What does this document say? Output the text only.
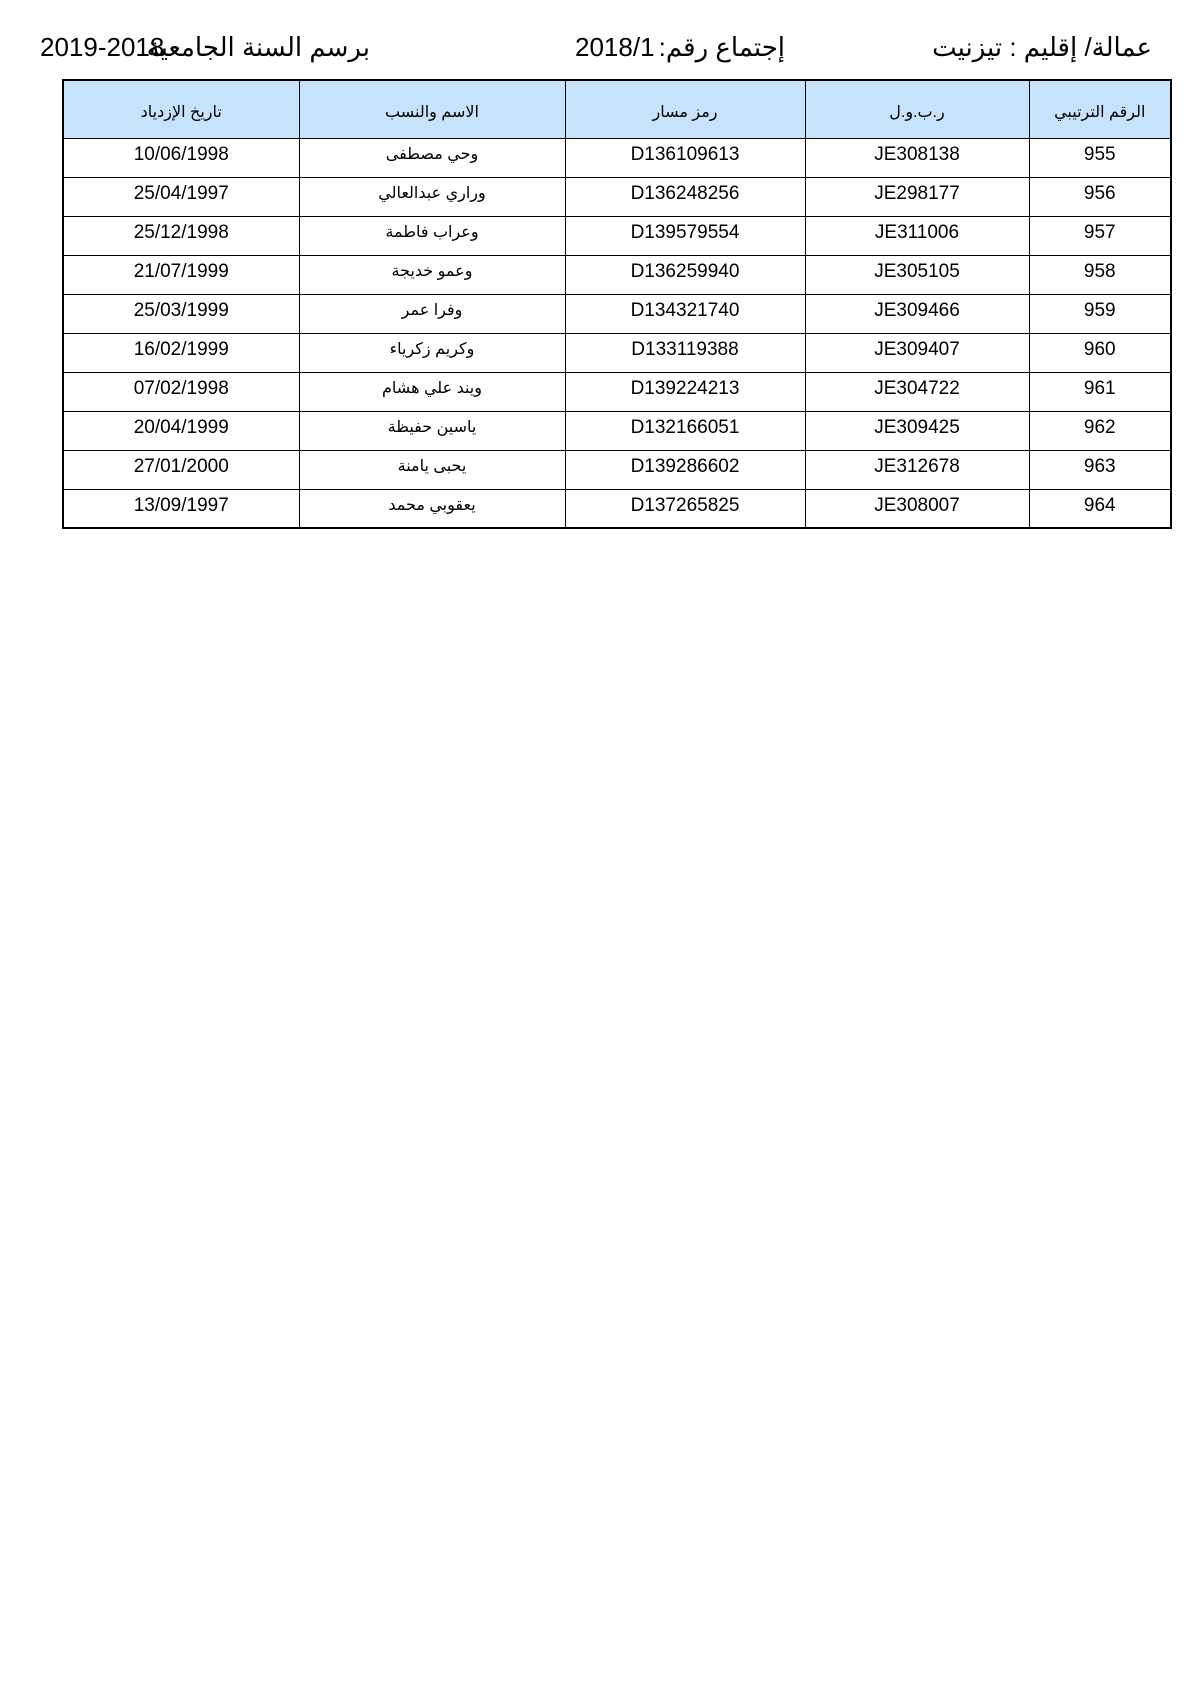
عمالة/ إقليم : تيزنيت
2018/1 إجتماع رقم:
2019-2018
برسم السنة الجامعية
الرقم الترتيبي	ر.ب.و.ل	رمز مسار	الاسم والنسب	تاريخ الإزدياد
955	JE308138	D136109613	وحي مصطفى	10/06/1998
956	JE298177	D136248256	وراري عبدالعالي	25/04/1997
957	JE311006	D139579554	وعراب فاطمة	25/12/1998
958	JE305105	D136259940	وعمو خديجة	21/07/1999
959	JE309466	D134321740	وفرا عمر	25/03/1999
960	JE309407	D133119388	وكريم زكرياء	16/02/1999
961	JE304722	D139224213	ويند علي هشام	07/02/1998
962	JE309425	D132166051	ياسين حفيظة	20/04/1999
963	JE312678	D139286602	يحبى يامنة	27/01/2000
964	JE308007	D137265825	يعقوبي محمد	13/09/1997
